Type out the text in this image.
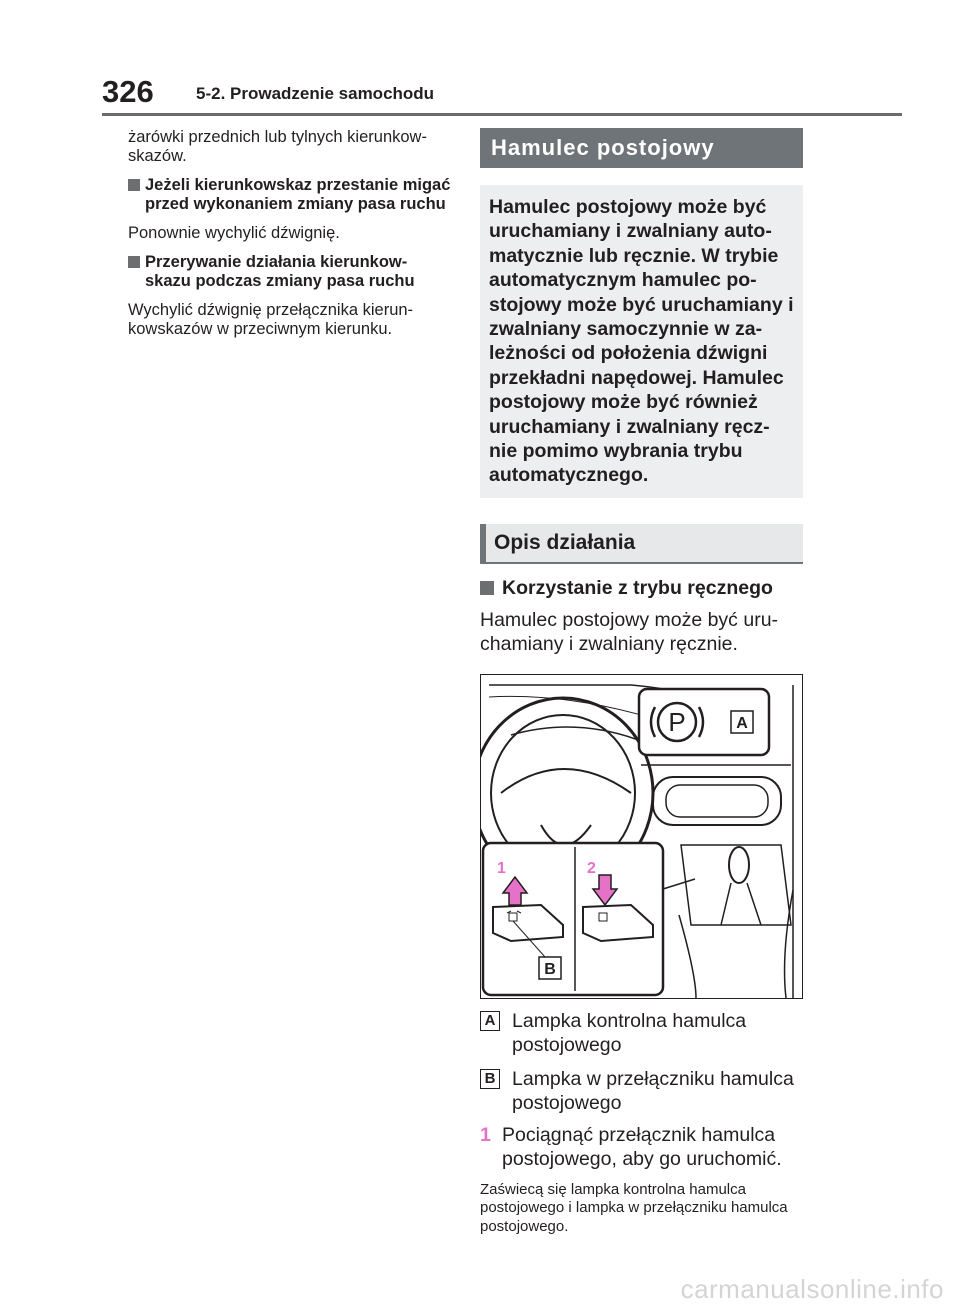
326 5-2. Prowadzenie samochodu

żarówki przednich lub tylnych kierunkow-skazów.

Jeżeli kierunkowskaz przestanie migać przed wykonaniem zmiany pasa ruchu

Ponownie wychylić dźwignię.

Przerywanie działania kierunkow-skazu podczas zmiany pasa ruchu

Wychylić dźwignię przełącznika kierun-kowskazów w przeciwnym kierunku.

Hamulec postojowy
Hamulec postojowy może być uruchamiany i zwalniany auto-matycznie lub ręcznie. W trybie automatycznym hamulec po-stojowy może być uruchamiany i zwalniany samoczynnie w za-leżności od położenia dźwigni przekładni napędowej. Hamulec postojowy może być również uruchamiany i zwalniany ręcz-nie pomimo wybrania trybu automatycznego.
Opis działania
Korzystanie z trybu ręcznego

Hamulec postojowy może być uru-chamiany i zwalniany ręcznie.

P	A
1	2
B
A Lampka kontrolna hamulca postojowego
B Lampka w przełączniku hamulca postojowego
1 Pociągnąć przełącznik hamulca postojowego, aby go uruchomić.
Zaświecą się lampka kontrolna hamulca postojowego i lampka w przełączniku hamulca postojowego.
carmanualsonline.info
